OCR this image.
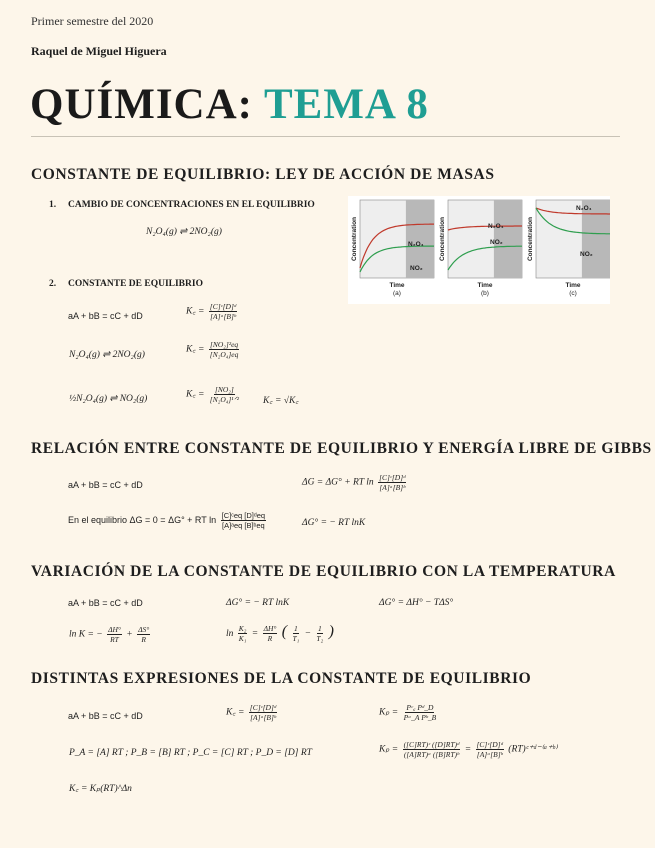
Primer semestre del 2020
Raquel de Miguel Higuera
QUÍMICA: TEMA 8
CONSTANTE DE EQUILIBRIO: LEY DE ACCIÓN DE MASAS
1. CAMBIO DE CONCENTRACIONES EN EL EQUILIBRIO
N₂O₄(g) ⇌ 2NO₂(g)
2. CONSTANTE DE EQUILIBRIO
aA + bB = cC + dD	K꜀ = $\frac{\text{[C]ᶜ[D]ᵈ}}{\text{[A]ᵃ[B]ᵇ}}$
N₂O₄(g) ⇌ 2NO₂(g)
K꜀ = $\frac{\text{[NO₂]²eq}}{\text{[N₂O₄]eq}}$
½N₂O₄(g) ⇌ NO₂(g)	K꜀ = $\frac{\text{[NO₂]}}{\text{[N₂O₄]¹ᐟ²}}$ K꜀ = √K꜀
N₂O₄
NO₂
Concentration
Time
(a)
N₂O₄
NO₂
Concentration
Time
(b)
N₂O₄
NO₂
Concentration
Time
(c)
RELACIÓN ENTRE CONSTANTE DE EQUILIBRIO Y ENERGÍA LIBRE DE GIBBS
aA + bB = cC + dD	ΔG = ΔG° + RT $\ln \frac{\text{[C]ᶜ[D]ᵈ}}{\text{[A]ᵃ[B]ᵇ}}$
En el equilibrio ΔG = 0 = ΔG° + RT $\ln \frac{\text{[C]ᶜeq [D]ᵈeq}}{\text{[A]ᵃeq [B]ᵇeq}}$	ΔG° = − RT lnK
VARIACIÓN DE LA CONSTANTE DE EQUILIBRIO CON LA TEMPERATURA
aA + bB = cC + dD	ΔG° = − RT lnK	ΔG° = ΔH° − TΔS°
ln K = − $\frac{\Delta H^\circ}{RT} + \frac{\Delta S^\circ}{R}$	$\ln \frac{\text{K₂}}{\text{K₁}} = \frac{\Delta H^\circ}{R}$ ( $\frac{1}{\text{T₁}} - \frac{1}{\text{T₂}}$ )
DISTINTAS EXPRESIONES DE LA CONSTANTE DE EQUILIBRIO
aA + bB = cC + dD	K꜀ = $\frac{\text{[C]ᶜ[D]ᵈ}}{\text{[A]ᵃ[B]ᵇ}}$	$K_p = \frac{\text{Pᶜ꜀ Pᵈ\_D}}{\text{Pᵃ\_A Pᵇ\_B}}$
P_A = [A] RT ; P_B = [B] RT ; P_C = [C] RT ; P_D = [D] RT	$K_p = \frac{\text{([C]RT)ᶜ ([D]RT)ᵈ}}{\text{([A]RT)ᵃ ([B]RT)ᵇ}} = \frac{\text{[C]ᶜ[D]ᵈ}}{\text{[A]ᵃ[B]ᵇ}}$ (RT)ᶜ⁺ᵈ⁻⁽ᵃ⁺ᵇ⁾
K꜀ = Kₚ(RT)^Δn
